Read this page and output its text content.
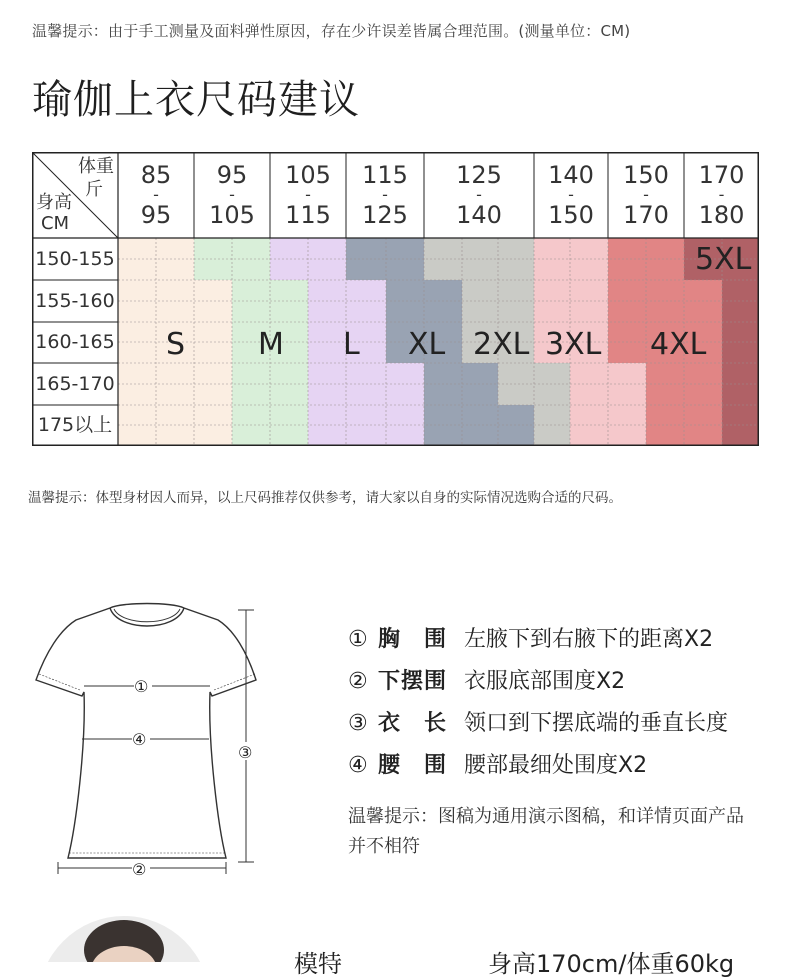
温馨提示：由于手工测量及面料弹性原因，存在少许误差皆属合理范围。(测量单位：CM)
瑜伽上衣尺码建议
体重
斤
身高
CM
85
-
95
95
-
105
105
-
115
115
-
125
125
-
140
140
-
150
150
-
170
170
-
180
150-155
155-160
160-165
165-170
175以上
S M L XL 2XL 3XL 4XL
5XL
温馨提示：体型身材因人而异，以上尺码推荐仅供参考，请大家以自身的实际情况选购合适的尺码。
①
④
②
③
① 胸　围 左腋下到右腋下的距离X2
② 下摆围 衣服底部围度X2
③ 衣　长 领口到下摆底端的垂直长度
④ 腰　围 腰部最细处围度X2
温馨提示：图稿为通用演示图稿，和详情页面产品并不相符
模特	身高170cm/体重60kg
